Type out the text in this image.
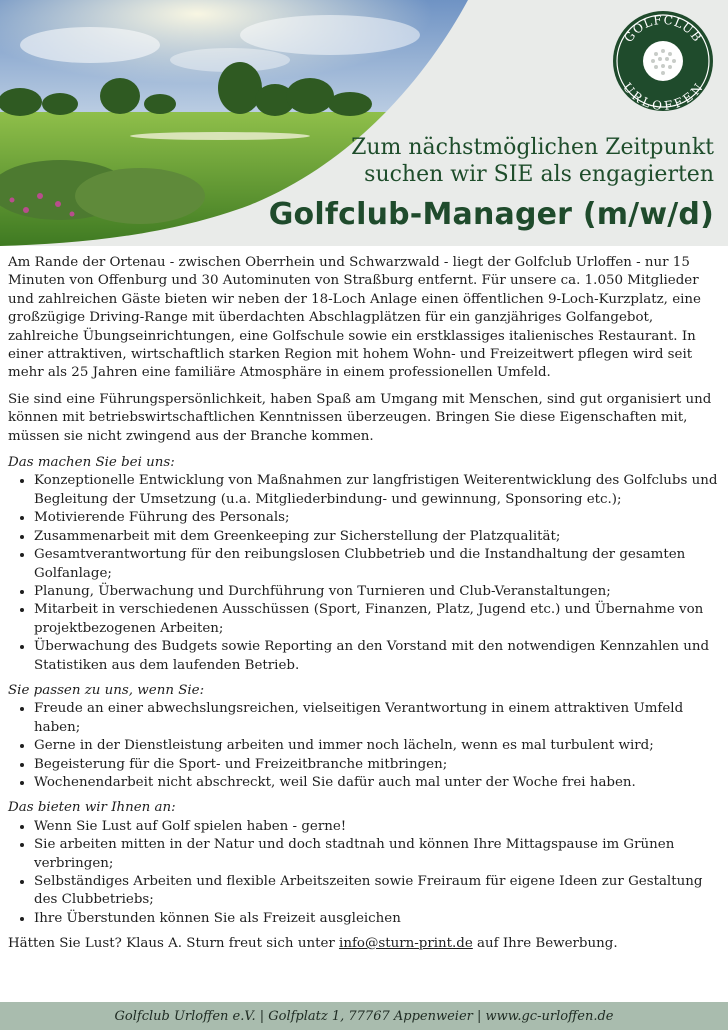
GOLFCLUB
URLOFFEN
Zum nächstmöglichen Zeitpunkt
suchen wir SIE als engagierten
Golfclub-Manager (m/w/d)

Am Rande der Ortenau - zwischen Oberrhein und Schwarzwald - liegt der Golfclub Urloffen - nur 15 Minuten von Offenburg und 30 Autominuten von Straßburg entfernt. Für unsere ca. 1.050 Mitglieder und zahlreichen Gäste bieten wir neben der 18-Loch Anlage einen öffentlichen 9-Loch-Kurzplatz, eine großzügige Driving-Range mit überdachten Abschlagplätzen für ein ganzjähriges Golfangebot, zahlreiche Übungseinrichtungen, eine Golfschule sowie ein erstklassiges italienisches Restaurant. In einer attraktiven, wirtschaftlich starken Region mit hohem Wohn- und Freizeitwert pflegen wird seit mehr als 25 Jahren eine familiäre Atmosphäre in einem professionellen Umfeld.

Sie sind eine Führungspersönlichkeit, haben Spaß am Umgang mit Menschen, sind gut organisiert und können mit betriebswirtschaftlichen Kenntnissen überzeugen. Bringen Sie diese Eigenschaften mit, müssen sie nicht zwingend aus der Branche kommen.

Das machen Sie bei uns:
• Konzeptionelle Entwicklung von Maßnahmen zur langfristigen Weiterentwicklung des Golfclubs und Begleitung der Umsetzung (u.a. Mitgliederbindung- und gewinnung, Sponsoring etc.);
• Motivierende Führung des Personals;
• Zusammenarbeit mit dem Greenkeeping zur Sicherstellung der Platzqualität;
• Gesamtverantwortung für den reibungslosen Clubbetrieb und die Instandhaltung der gesamten Golfanlage;
• Planung, Überwachung und Durchführung von Turnieren und Club-Veranstaltungen;
• Mitarbeit in verschiedenen Ausschüssen (Sport, Finanzen, Platz, Jugend etc.) und Übernahme von projektbezogenen Arbeiten;
• Überwachung des Budgets sowie Reporting an den Vorstand mit den notwendigen Kennzahlen und Statistiken aus dem laufenden Betrieb.
Sie passen zu uns, wenn Sie:
• Freude an einer abwechslungsreichen, vielseitigen Verantwortung in einem attraktiven Umfeld haben;
• Gerne in der Dienstleistung arbeiten und immer noch lächeln, wenn es mal turbulent wird;
• Begeisterung für die Sport- und Freizeitbranche mitbringen;
• Wochenendarbeit nicht abschreckt, weil Sie dafür auch mal unter der Woche frei haben.
Das bieten wir Ihnen an:
• Wenn Sie Lust auf Golf spielen haben - gerne!
• Sie arbeiten mitten in der Natur und doch stadtnah und können Ihre Mittagspause im Grünen verbringen;
• Selbständiges Arbeiten und flexible Arbeitszeiten sowie Freiraum für eigene Ideen zur Gestaltung des Clubbetriebs;
• Ihre Überstunden können Sie als Freizeit ausgleichen

Hätten Sie Lust? Klaus A. Sturn freut sich unter info@sturn-print.de auf Ihre Bewerbung.

Golfclub Urloffen e.V. | Golfplatz 1, 77767 Appenweier | www.gc-urloffen.de
